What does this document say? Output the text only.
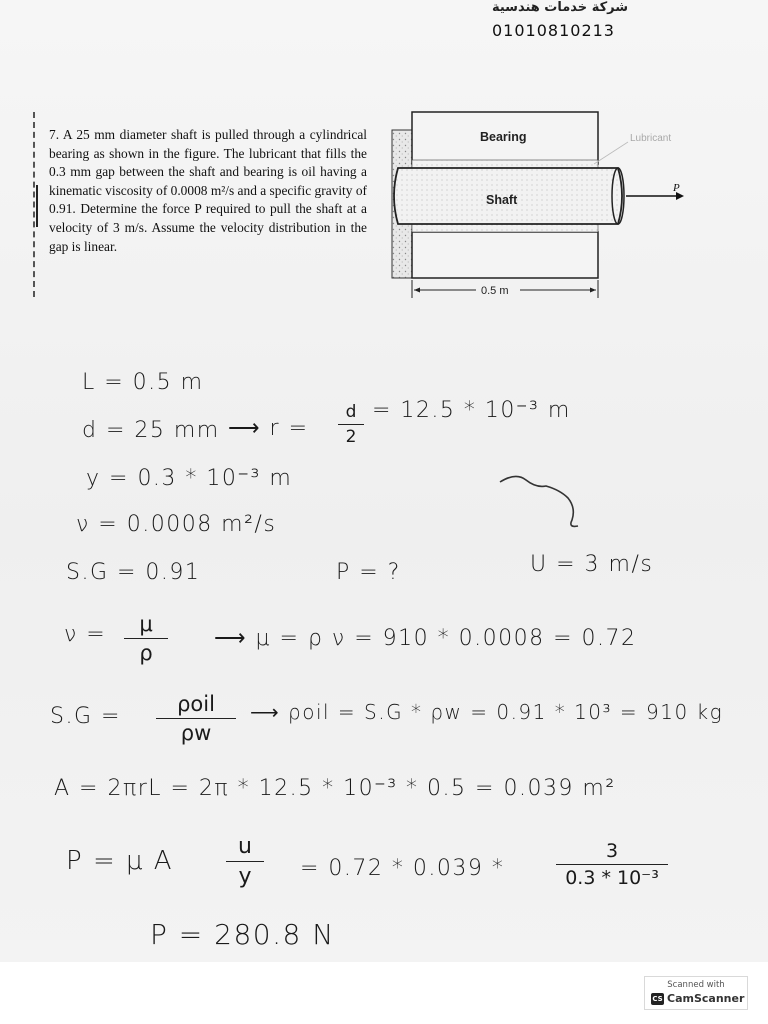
شركة خدمات هندسية
01010810213
7. A 25 mm diameter shaft is pulled through a cylindrical bearing as shown in the figure. The lubricant that fills the 0.3 mm gap between the shaft and bearing is oil having a kinematic viscosity of 0.0008 m²/s and a specific gravity of 0.91. Determine the force P required to pull the shaft at a velocity of 3 m/s. Assume the velocity distribution in the gap is linear.
P
Bearing
Shaft
Lubricant
0.5 m
L = 0.5 m
d = 25 mm ⟶ r =
d
2
= 12.5 * 10⁻³ m
y = 0.3 * 10⁻³ m
ν = 0.0008 m²/s
S.G = 0.91	P = ?	U = 3 m/s
ν =	μ
ρ
⟶ μ = ρ ν = 910 * 0.0008 = 0.72
S.G =	ρoil
ρw
⟶ ρoil = S.G * ρw = 0.91 * 10³ = 910 kg
A = 2πrL = 2π * 12.5 * 10⁻³ * 0.5 = 0.039 m²
P = μ A	u
y	= 0.72 * 0.039 *
3
0.3 * 10⁻³
P = 280.8 N
Scanned with
CS CamScanner
